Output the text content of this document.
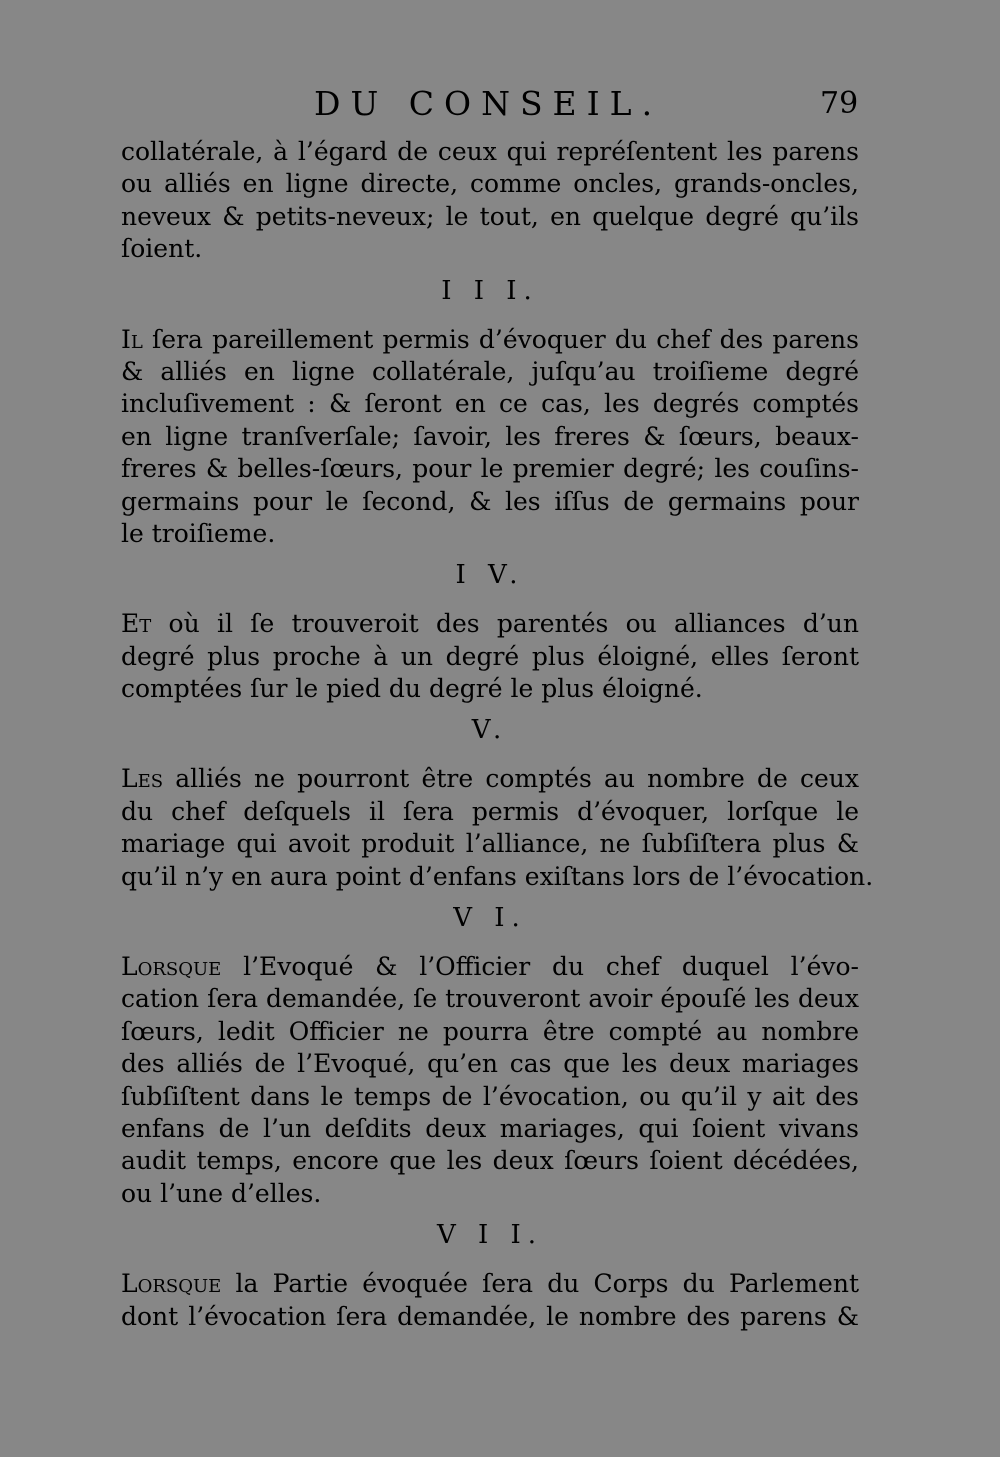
DU CONSEIL.	79
collatérale, à l’égard de ceux qui repréſentent les parens
ou alliés en ligne directe, comme oncles, grands-oncles,
neveux & petits-neveux; le tout, en quelque degré qu’ils
ſoient.
I I I.
Il ſera pareillement permis d’évoquer du chef des parens
& alliés en ligne collatérale, juſqu’au troiſieme degré
incluſivement : & ſeront en ce cas, les degrés comptés
en ligne tranſverſale; ſavoir, les freres & ſœurs, beaux-
freres & belles-ſœurs, pour le premier degré; les couſins-
germains pour le ſecond, & les iſſus de germains pour
le troiſieme.
I V.
Et où il ſe trouveroit des parentés ou alliances d’un
degré plus proche à un degré plus éloigné, elles ſeront
comptées ſur le pied du degré le plus éloigné.
V.
Les alliés ne pourront être comptés au nombre de ceux
du chef deſquels il ſera permis d’évoquer, lorſque le
mariage qui avoit produit l’alliance, ne ſubſiſtera plus &
qu’il n’y en aura point d’enfans exiſtans lors de l’évocation.
V I.
Lorsque l’Evoqué & l’Officier du chef duquel l’évo-
cation ſera demandée, ſe trouveront avoir épouſé les deux
ſœurs, ledit Officier ne pourra être compté au nombre
des alliés de l’Evoqué, qu’en cas que les deux mariages
ſubſiſtent dans le temps de l’évocation, ou qu’il y ait des
enfans de l’un deſdits deux mariages, qui ſoient vivans
audit temps, encore que les deux ſœurs ſoient décédées,
ou l’une d’elles.
V I I.
Lorsque la Partie évoquée ſera du Corps du Parlement
dont l’évocation ſera demandée, le nombre des parens &
